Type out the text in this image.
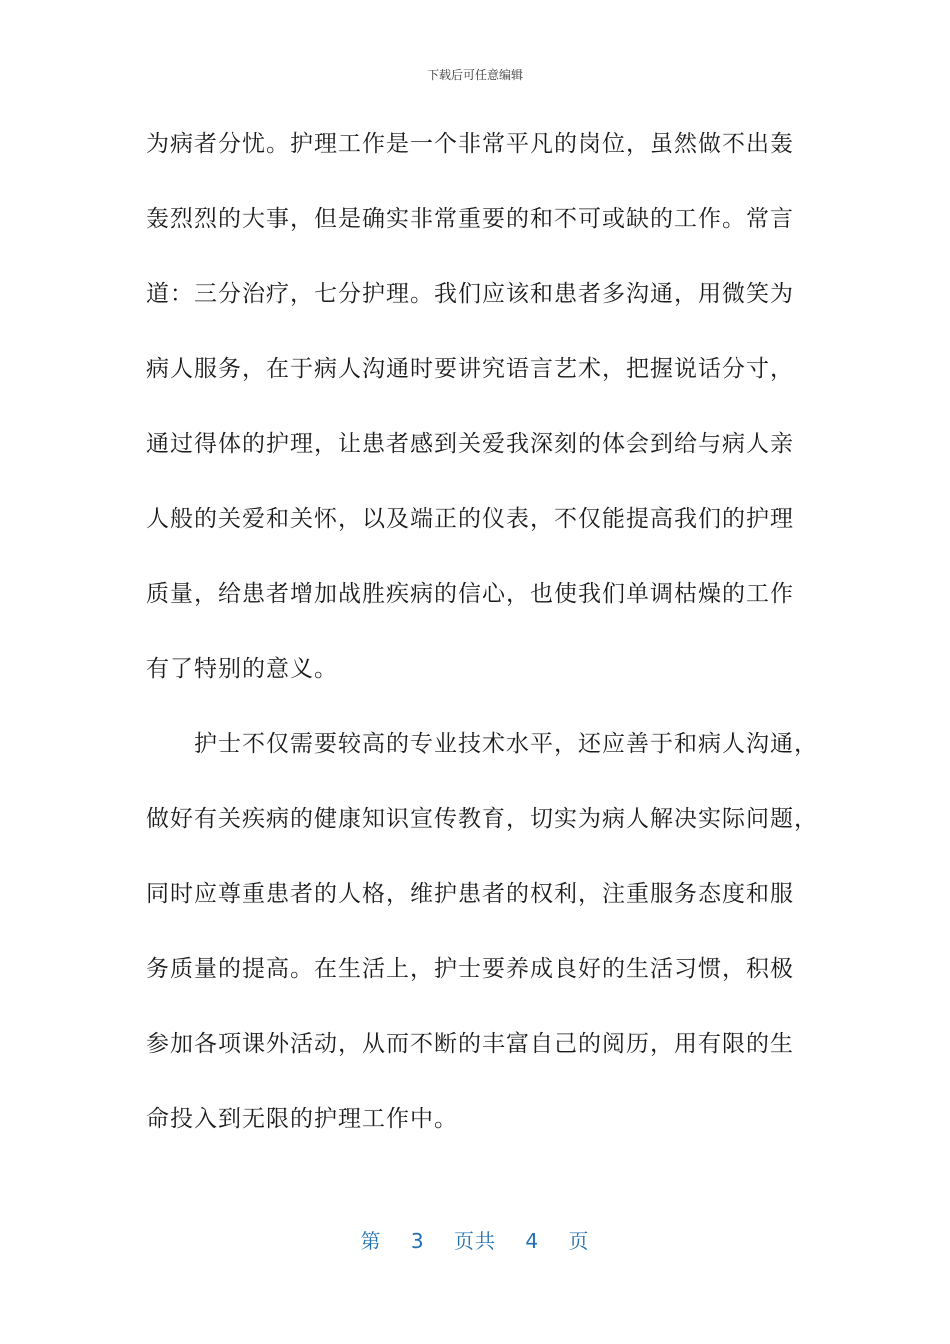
下载后可任意编辑
为病者分忧。护理工作是一个非常平凡的岗位，虽然做不出轰
轰烈烈的大事，但是确实非常重要的和不可或缺的工作。常言
道：三分治疗，七分护理。我们应该和患者多沟通，用微笑为
病人服务，在于病人沟通时要讲究语言艺术，把握说话分寸，
通过得体的护理，让患者感到关爱我深刻的体会到给与病人亲
人般的关爱和关怀，以及端正的仪表，不仅能提高我们的护理
质量，给患者增加战胜疾病的信心，也使我们单调枯燥的工作
有了特别的意义。
护士不仅需要较高的专业技术水平，还应善于和病人沟通，
做好有关疾病的健康知识宣传教育，切实为病人解决实际问题，
同时应尊重患者的人格，维护患者的权利，注重服务态度和服
务质量的提高。在生活上，护士要养成良好的生活习惯，积极
参加各项课外活动，从而不断的丰富自己的阅历，用有限的生
命投入到无限的护理工作中。
第 3 页共 4 页
